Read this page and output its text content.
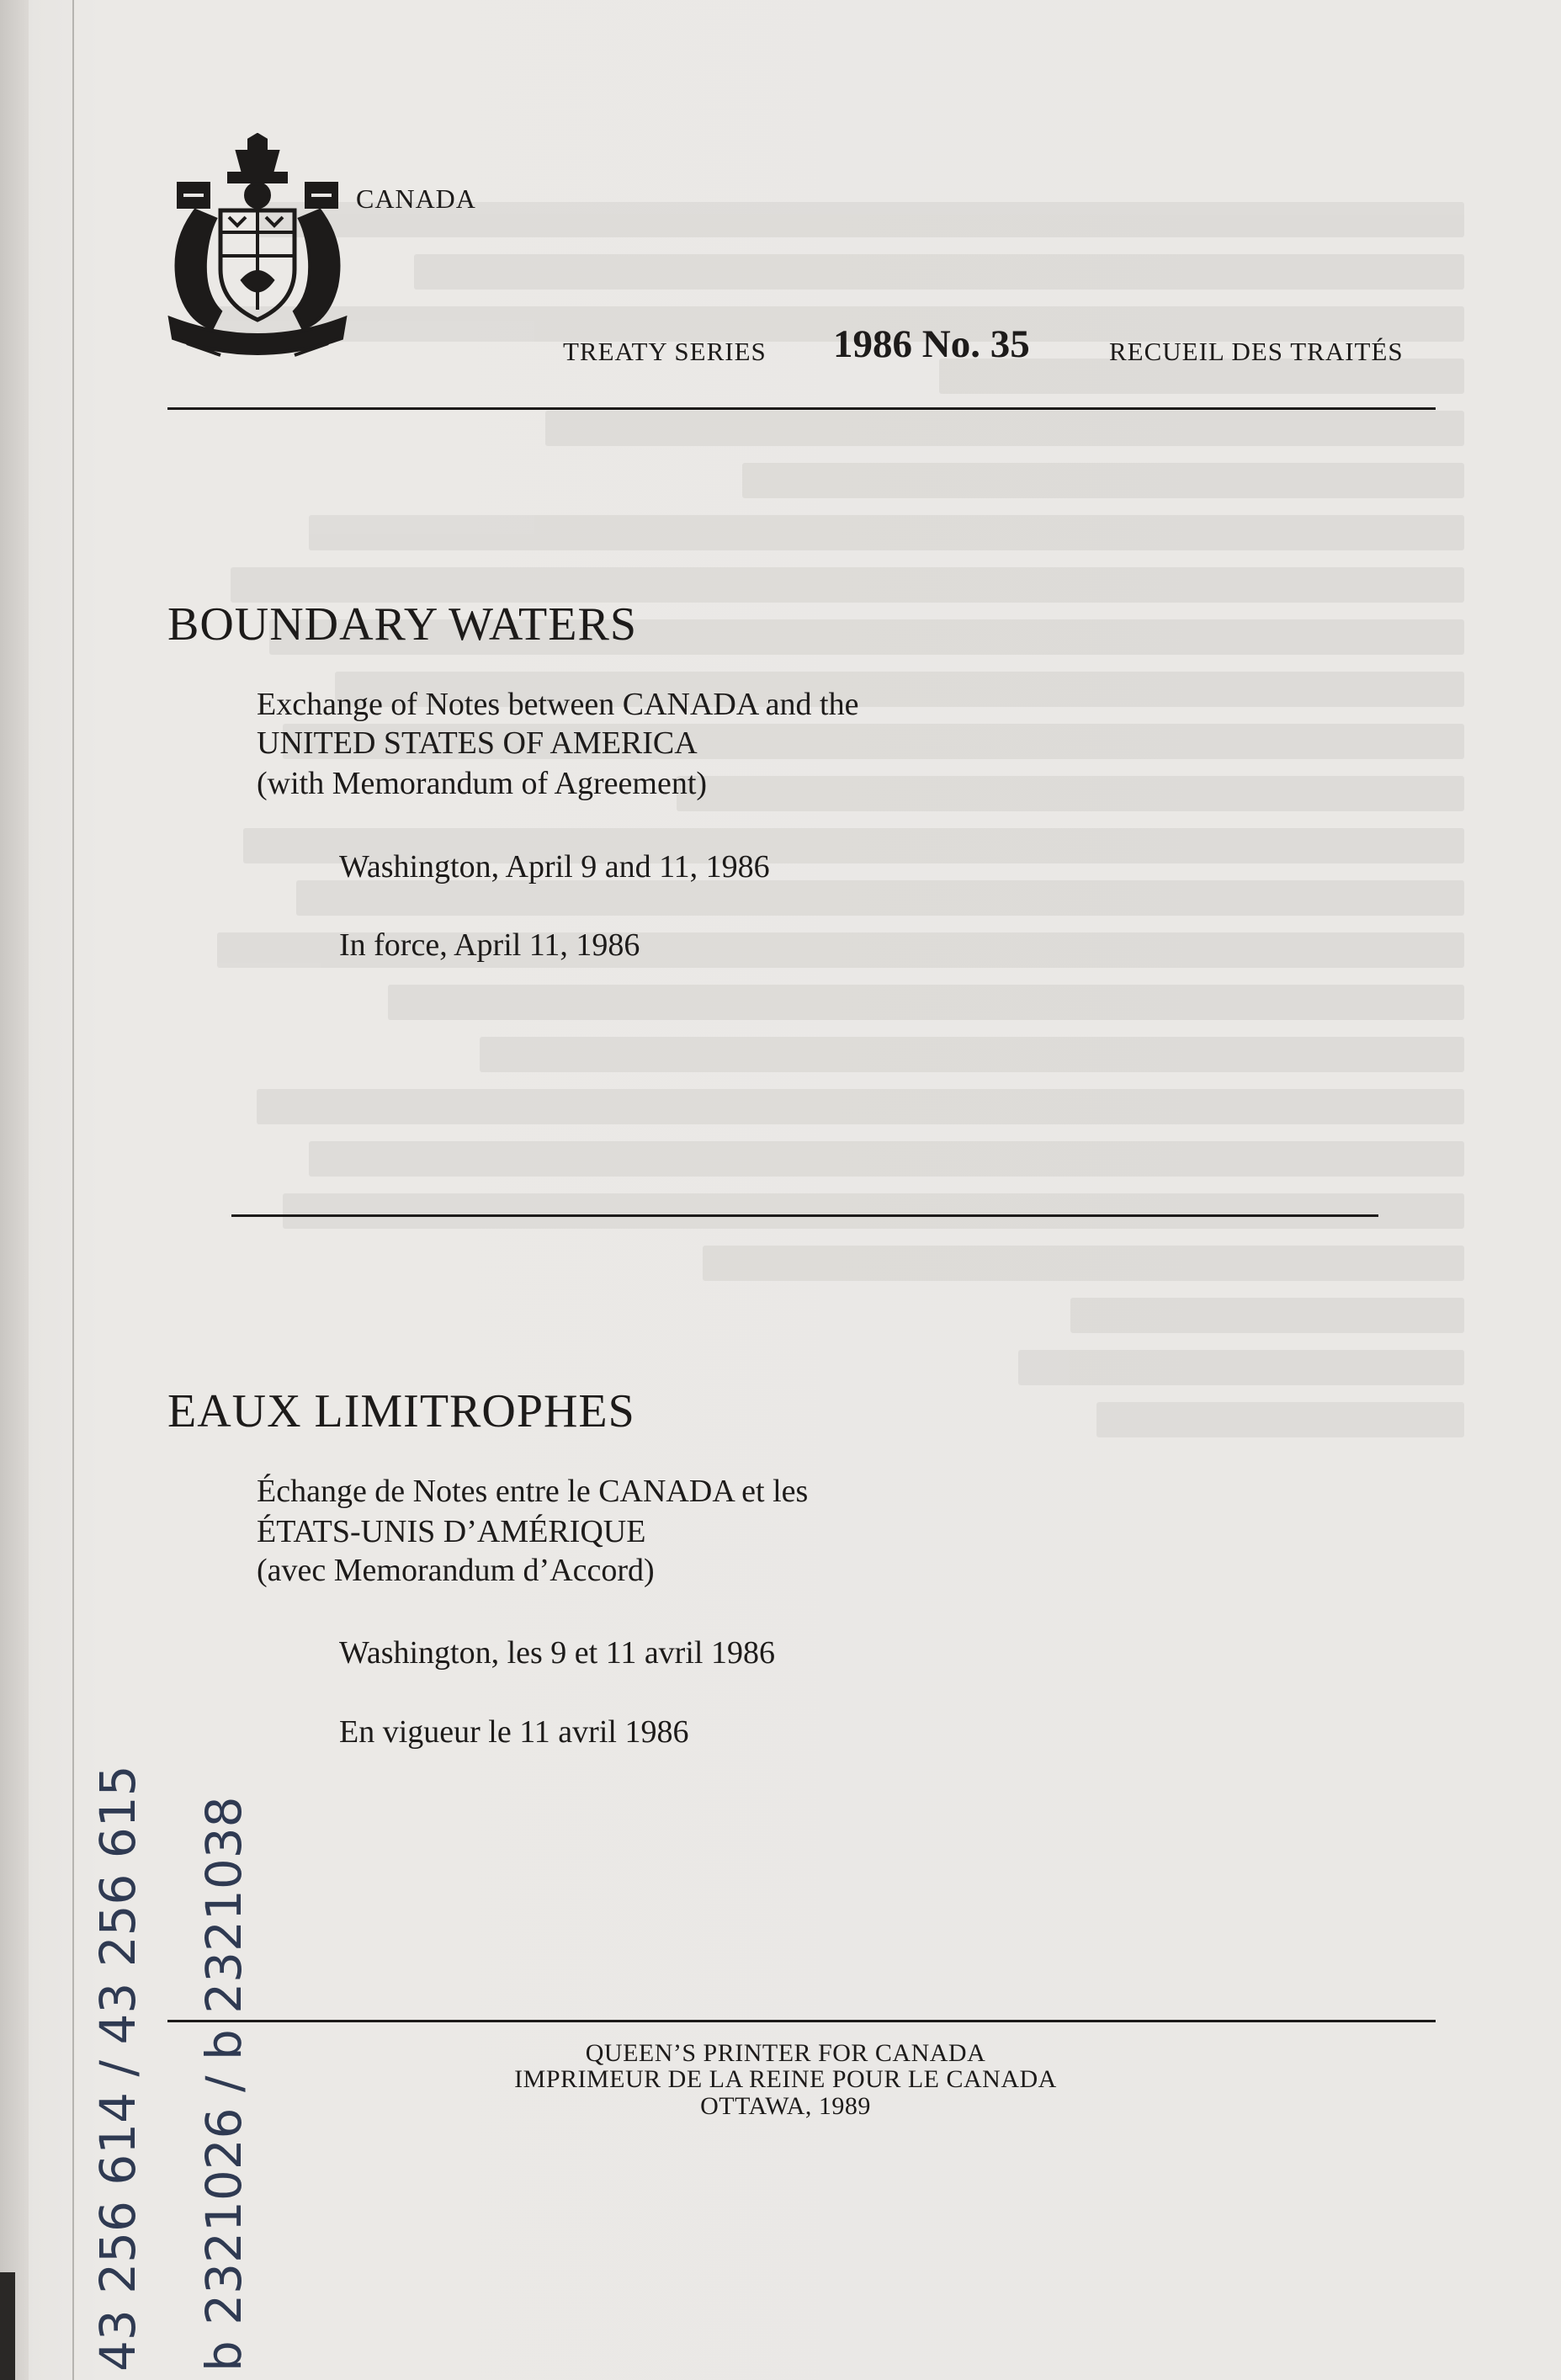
CANADA
TREATY SERIES 1986 No. 35	RECUEIL DES TRAITÉS
BOUNDARY WATERS
Exchange of Notes between CANADA and the
UNITED STATES OF AMERICA
(with Memorandum of Agreement)
Washington, April 9 and 11, 1986
In force, April 11, 1986
EAUX LIMITROPHES
Échange de Notes entre le CANADA et les
ÉTATS-UNIS D’AMÉRIQUE
(avec Memorandum d’Accord)
Washington, les 9 et 11 avril 1986
En vigueur le 11 avril 1986
QUEEN’S PRINTER FOR CANADA
IMPRIMEUR DE LA REINE POUR LE CANADA
OTTAWA, 1989
43 256 614 / 43 256 615 b 2321026 / b 2321038
